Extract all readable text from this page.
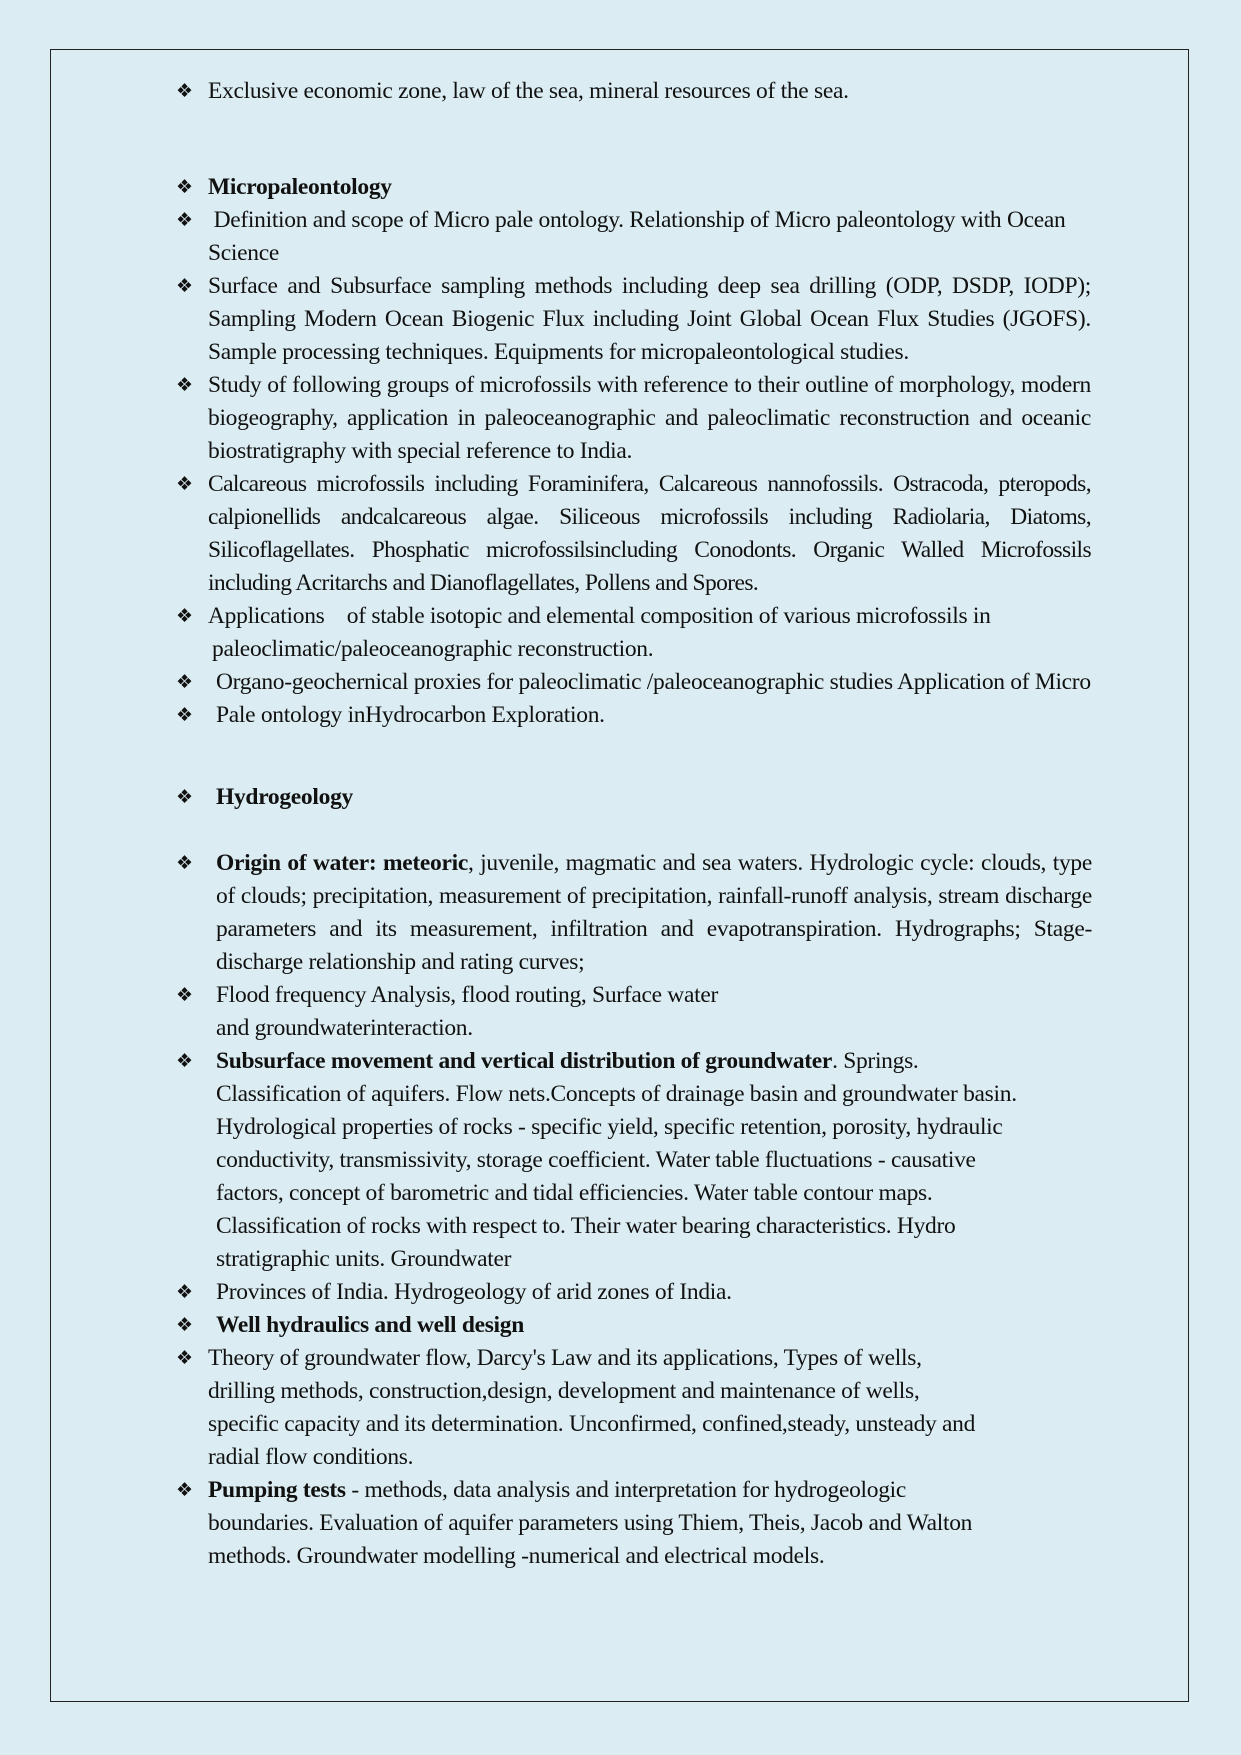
❖ Exclusive economic zone, law of the sea, mineral resources of the sea.
❖ Micropaleontology
❖ Definition and scope of Micro pale ontology. Relationship of Micro paleontology with Ocean Science
❖ Surface and Subsurface sampling methods including deep sea drilling (ODP, DSDP, IODP); Sampling Modern Ocean Biogenic Flux including Joint Global Ocean Flux Studies (JGOFS). Sample processing techniques. Equipments for micropaleontological studies.
❖ Study of following groups of microfossils with reference to their outline of morphology, modern biogeography, application in paleoceanographic and paleoclimatic reconstruction and oceanic biostratigraphy with special reference to India.
❖ Calcareous microfossils including Foraminifera, Calcareous nannofossils. Ostracoda, pteropods, calpionellids andcalcareous algae. Siliceous microfossils including Radiolaria, Diatoms, Silicoflagellates. Phosphatic microfossilsincluding Conodonts. Organic Walled Microfossils including Acritarchs and Dianoflagellates, Pollens and Spores.
❖ Applications    of stable isotopic and elemental composition of various microfossils in
paleoclimatic/paleoceanographic reconstruction.
❖ Organo-geochernical proxies for paleoclimatic /paleoceanographic studies Application of Micro
❖ Pale ontology inHydrocarbon Exploration.
❖ Hydrogeology
❖ Origin of water: meteoric, juvenile, magmatic and sea waters. Hydrologic cycle: clouds, type of clouds; precipitation, measurement of precipitation, rainfall-runoff analysis, stream discharge parameters and its measurement, infiltration and evapotranspiration. Hydrographs; Stage-discharge relationship and rating curves;
❖ Flood frequency Analysis, flood routing, Surface water
and groundwaterinteraction.
❖ Subsurface movement and vertical distribution of groundwater. Springs.
Classification of aquifers. Flow nets.Concepts of drainage basin and groundwater basin.
Hydrological properties of rocks - specific yield, specific retention, porosity, hydraulic
conductivity, transmissivity, storage coefficient. Water table fluctuations - causative
factors, concept of barometric and tidal efficiencies. Water table contour maps.
Classification of rocks with respect to. Their water bearing characteristics. Hydro
stratigraphic units. Groundwater
❖ Provinces of India. Hydrogeology of arid zones of India.
❖ Well hydraulics and well design
❖ Theory of groundwater flow, Darcy's Law and its applications, Types of wells,
drilling methods, construction,design, development and maintenance of wells,
specific capacity and its determination. Unconfirmed, confined,steady, unsteady and
radial flow conditions.
❖ Pumping tests - methods, data analysis and interpretation for hydrogeologic
boundaries. Evaluation of aquifer parameters using Thiem, Theis, Jacob and Walton
methods. Groundwater modelling -numerical and electrical models.
